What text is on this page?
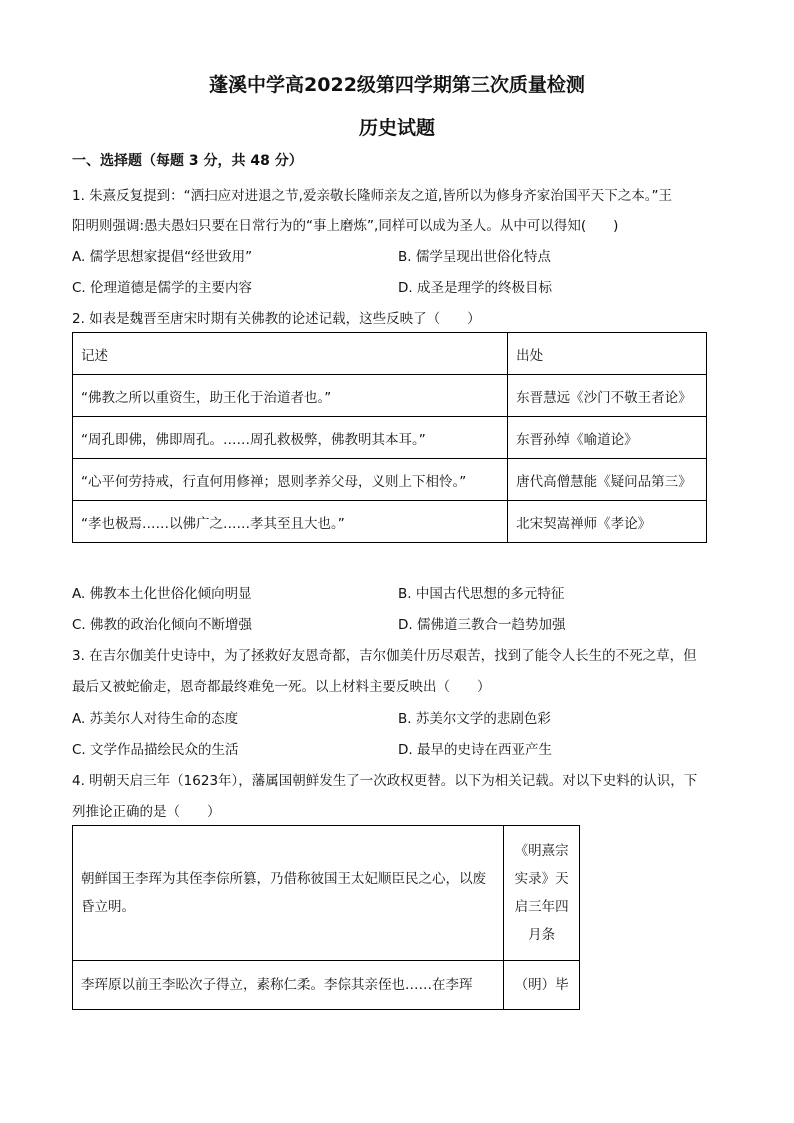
蓬溪中学高2022级第四学期第三次质量检测
历史试题
一、选择题（每题 3 分，共 48 分）
1. 朱熹反复提到：“洒扫应对进退之节,爱亲敬长隆师亲友之道,皆所以为修身齐家治国平天下之本。”王
阳明则强调:愚夫愚妇只要在日常行为的“事上磨炼”,同样可以成为圣人。从中可以得知(　　)
A. 儒学思想家提倡“经世致用”	B. 儒学呈现出世俗化特点
C. 伦理道德是儒学的主要内容	D. 成圣是理学的终极目标
2. 如表是魏晋至唐宋时期有关佛教的论述记载，这些反映了（　　）
记述	出处
“佛教之所以重资生，助王化于治道者也。”	东晋慧远《沙门不敬王者论》
“周孔即佛，佛即周孔。……周孔救极弊，佛教明其本耳。”	东晋孙绰《喻道论》
“心平何劳持戒，行直何用修禅；恩则孝养父母，义则上下相怜。”	唐代高僧慧能《疑问品第三》
“孝也极焉……以佛广之……孝其至且大也。”	北宋契嵩禅师《孝论》
A. 佛教本土化世俗化倾向明显	B. 中国古代思想的多元特征
C. 佛教的政治化倾向不断增强	D. 儒佛道三教合一趋势加强
3. 在吉尔伽美什史诗中，为了拯救好友恩奇都，吉尔伽美什历尽艰苦，找到了能令人长生的不死之草，但
最后又被蛇偷走，恩奇都最终难免一死。以上材料主要反映出（　　）
A. 苏美尔人对待生命的态度	B. 苏美尔文学的悲剧色彩
C. 文学作品描绘民众的生活	D. 最早的史诗在西亚产生
4. 明朝天启三年（1623年），藩属国朝鲜发生了一次政权更替。以下为相关记载。对以下史料的认识，下
列推论正确的是（　　）
朝鲜国王李珲为其侄李倧所篡，乃借称彼国王太妃顺臣民之心，以废昏立明。	《明熹宗实录》天启三年四月条
李珲原以前王李昖次子得立，素称仁柔。李倧其亲侄也……在李珲	（明）毕
